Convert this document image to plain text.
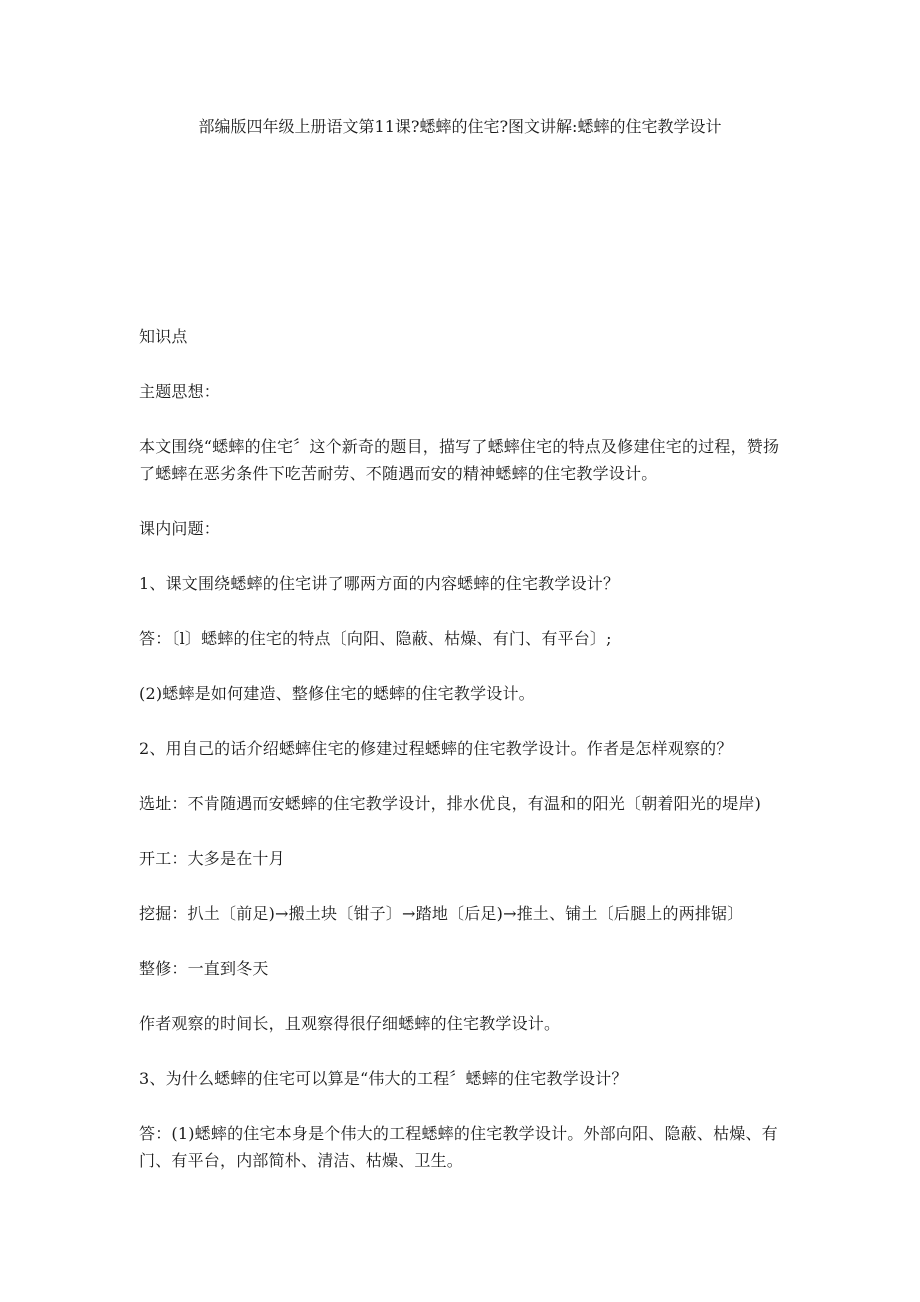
部编版四年级上册语文第11课?蟋蟀的住宅?图文讲解:蟋蟀的住宅教学设计
知识点
主题思想：
本文围绕“蟋蟀的住宅〞这个新奇的题目，描写了蟋蟀住宅的特点及修建住宅的过程，赞扬了蟋蟀在恶劣条件下吃苦耐劳、不随遇而安的精神蟋蟀的住宅教学设计。
课内问题：
1、课文围绕蟋蟀的住宅讲了哪两方面的内容蟋蟀的住宅教学设计？
答：〔l〕蟋蟀的住宅的特点〔向阳、隐蔽、枯燥、有门、有平台〕;
(2)蟋蟀是如何建造、整修住宅的蟋蟀的住宅教学设计。
2、用自己的话介绍蟋蟀住宅的修建过程蟋蟀的住宅教学设计。作者是怎样观察的？
选址：不肯随遇而安蟋蟀的住宅教学设计，排水优良，有温和的阳光〔朝着阳光的堤岸)
开工：大多是在十月
挖掘：扒土〔前足)→搬土块〔钳子〕→踏地〔后足)→推土、铺土〔后腿上的两排锯〕
整修：一直到冬天
作者观察的时间长，且观察得很仔细蟋蟀的住宅教学设计。
3、为什么蟋蟀的住宅可以算是“伟大的工程〞蟋蟀的住宅教学设计？
答：(1)蟋蟀的住宅本身是个伟大的工程蟋蟀的住宅教学设计。外部向阳、隐蔽、枯燥、有门、有平台，内部简朴、清洁、枯燥、卫生。
